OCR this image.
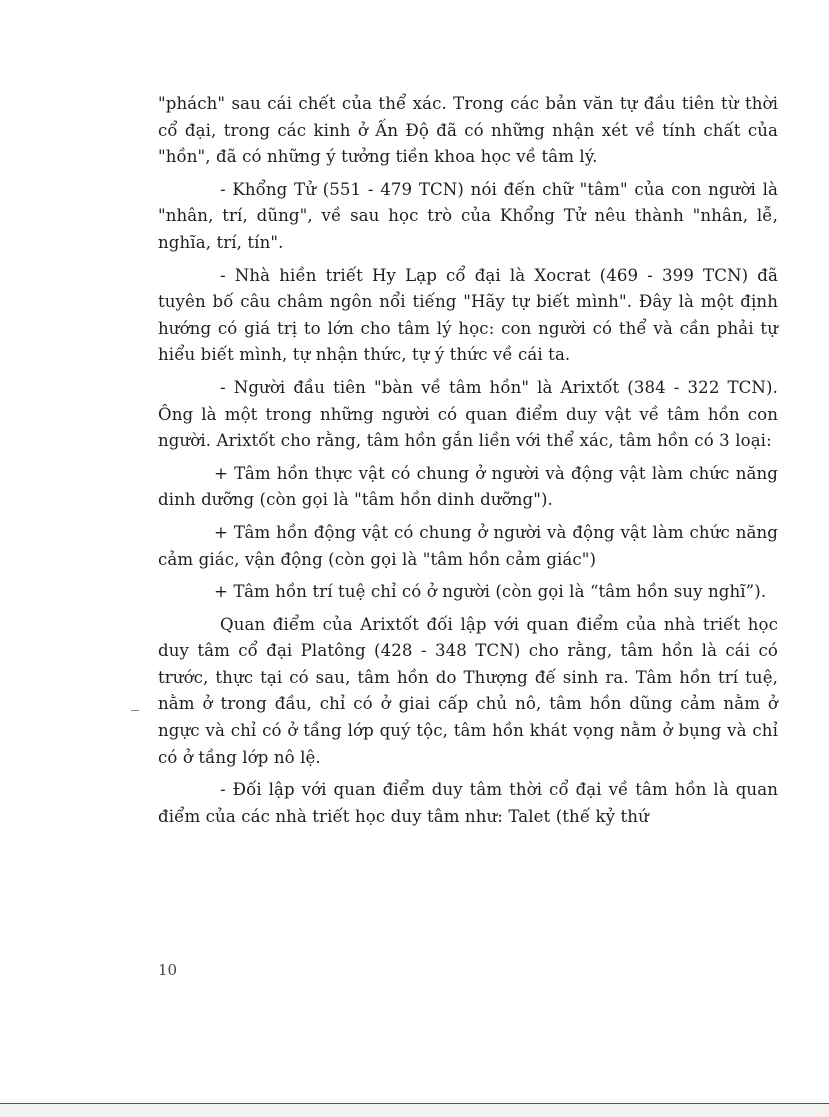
"phách" sau cái chết của thể xác. Trong các bản văn tự đầu tiên từ thời cổ đại, trong các kinh ở Ấn Độ đã có những nhận xét về tính chất của "hồn", đã có những ý tưởng tiền khoa học về tâm lý.

- Khổng Tử (551 - 479 TCN) nói đến chữ "tâm" của con người là "nhân, trí, dũng", về sau học trò của Khổng Tử nêu thành "nhân, lễ, nghĩa, trí, tín".

- Nhà hiền triết Hy Lạp cổ đại là Xocrat (469 - 399 TCN) đã tuyên bố câu châm ngôn nổi tiếng "Hãy tự biết mình". Đây là một định hướng có giá trị to lớn cho tâm lý học: con người có thể và cần phải tự hiểu biết mình, tự nhận thức, tự ý thức về cái ta.

- Người đầu tiên "bàn về tâm hồn" là Arixtốt (384 - 322 TCN). Ông là một trong những người có quan điểm duy vật về tâm hồn con người. Arixtốt cho rằng, tâm hồn gắn liền với thể xác, tâm hồn có 3 loại:

+ Tâm hồn thực vật có chung ở người và động vật làm chức năng dinh dưỡng (còn gọi là "tâm hồn dinh dưỡng").

+ Tâm hồn động vật có chung ở người và động vật làm chức năng cảm giác, vận động (còn gọi là "tâm hồn cảm giác")

+ Tâm hồn trí tuệ chỉ có ở người (còn gọi là “tâm hồn suy nghĩ”).

Quan điểm của Arixtốt đối lập với quan điểm của nhà triết học duy tâm cổ đại Platông (428 - 348 TCN) cho rằng, tâm hồn là cái có trước, thực tại có sau, tâm hồn do Thượng đế sinh ra. Tâm hồn trí tuệ, nằm ở trong đầu, chỉ có ở giai cấp chủ nô, tâm hồn dũng cảm nằm ở ngực và chỉ có ở tầng lớp quý tộc, tâm hồn khát vọng nằm ở bụng và chỉ có ở tầng lớp nô lệ.

- Đối lập với quan điểm duy tâm thời cổ đại về tâm hồn là quan điểm của các nhà triết học duy tâm như: Talet (thế kỷ thứ

10
